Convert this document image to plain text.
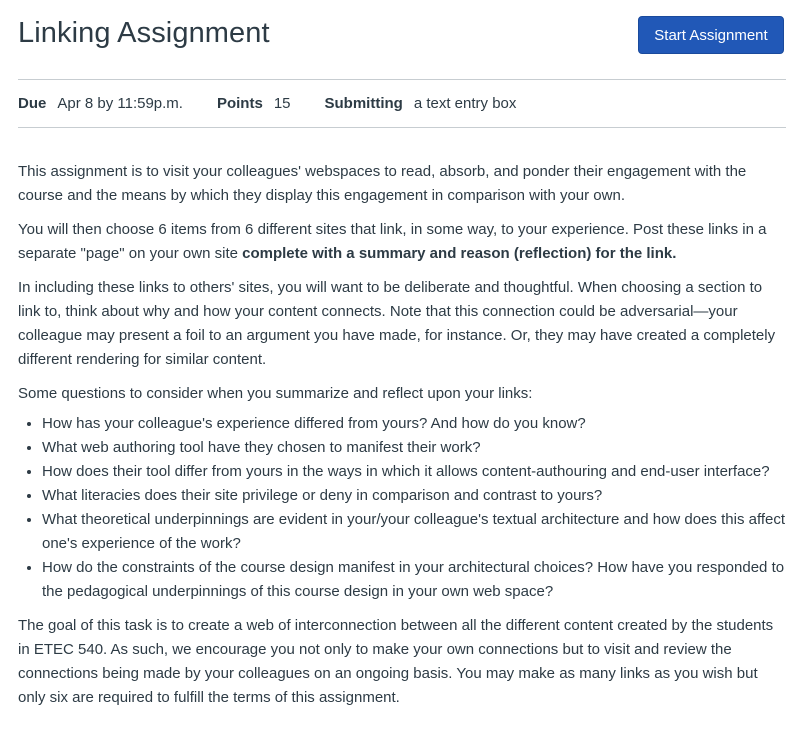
Linking Assignment	Start Assignment
Due Apr 8 by 11:59p.m. Points 15 Submitting a text entry box

This assignment is to visit your colleagues' webspaces to read, absorb, and ponder their engagement with the course and the means by which they display this engagement in comparison with your own.

You will then choose 6 items from 6 different sites that link, in some way, to your experience. Post these links in a separate "page" on your own site complete with a summary and reason (reflection) for the link.

In including these links to others' sites, you will want to be deliberate and thoughtful. When choosing a section to link to, think about why and how your content connects. Note that this connection could be adversarial—your colleague may present a foil to an argument you have made, for instance. Or, they may have created a completely different rendering for similar content.

Some questions to consider when you summarize and reflect upon your links:

• How has your colleague's experience differed from yours? And how do you know?
• What web authoring tool have they chosen to manifest their work?
• How does their tool differ from yours in the ways in which it allows content-authouring and end-user interface?
• What literacies does their site privilege or deny in comparison and contrast to yours?
• What theoretical underpinnings are evident in your/your colleague's textual architecture and how does this affect one's experience of the work?
• How do the constraints of the course design manifest in your architectural choices? How have you responded to the pedagogical underpinnings of this course design in your own web space?

The goal of this task is to create a web of interconnection between all the different content created by the students in ETEC 540. As such, we encourage you not only to make your own connections but to visit and review the connections being made by your colleagues on an ongoing basis. You may make as many links as you wish but only six are required to fulfill the terms of this assignment.
